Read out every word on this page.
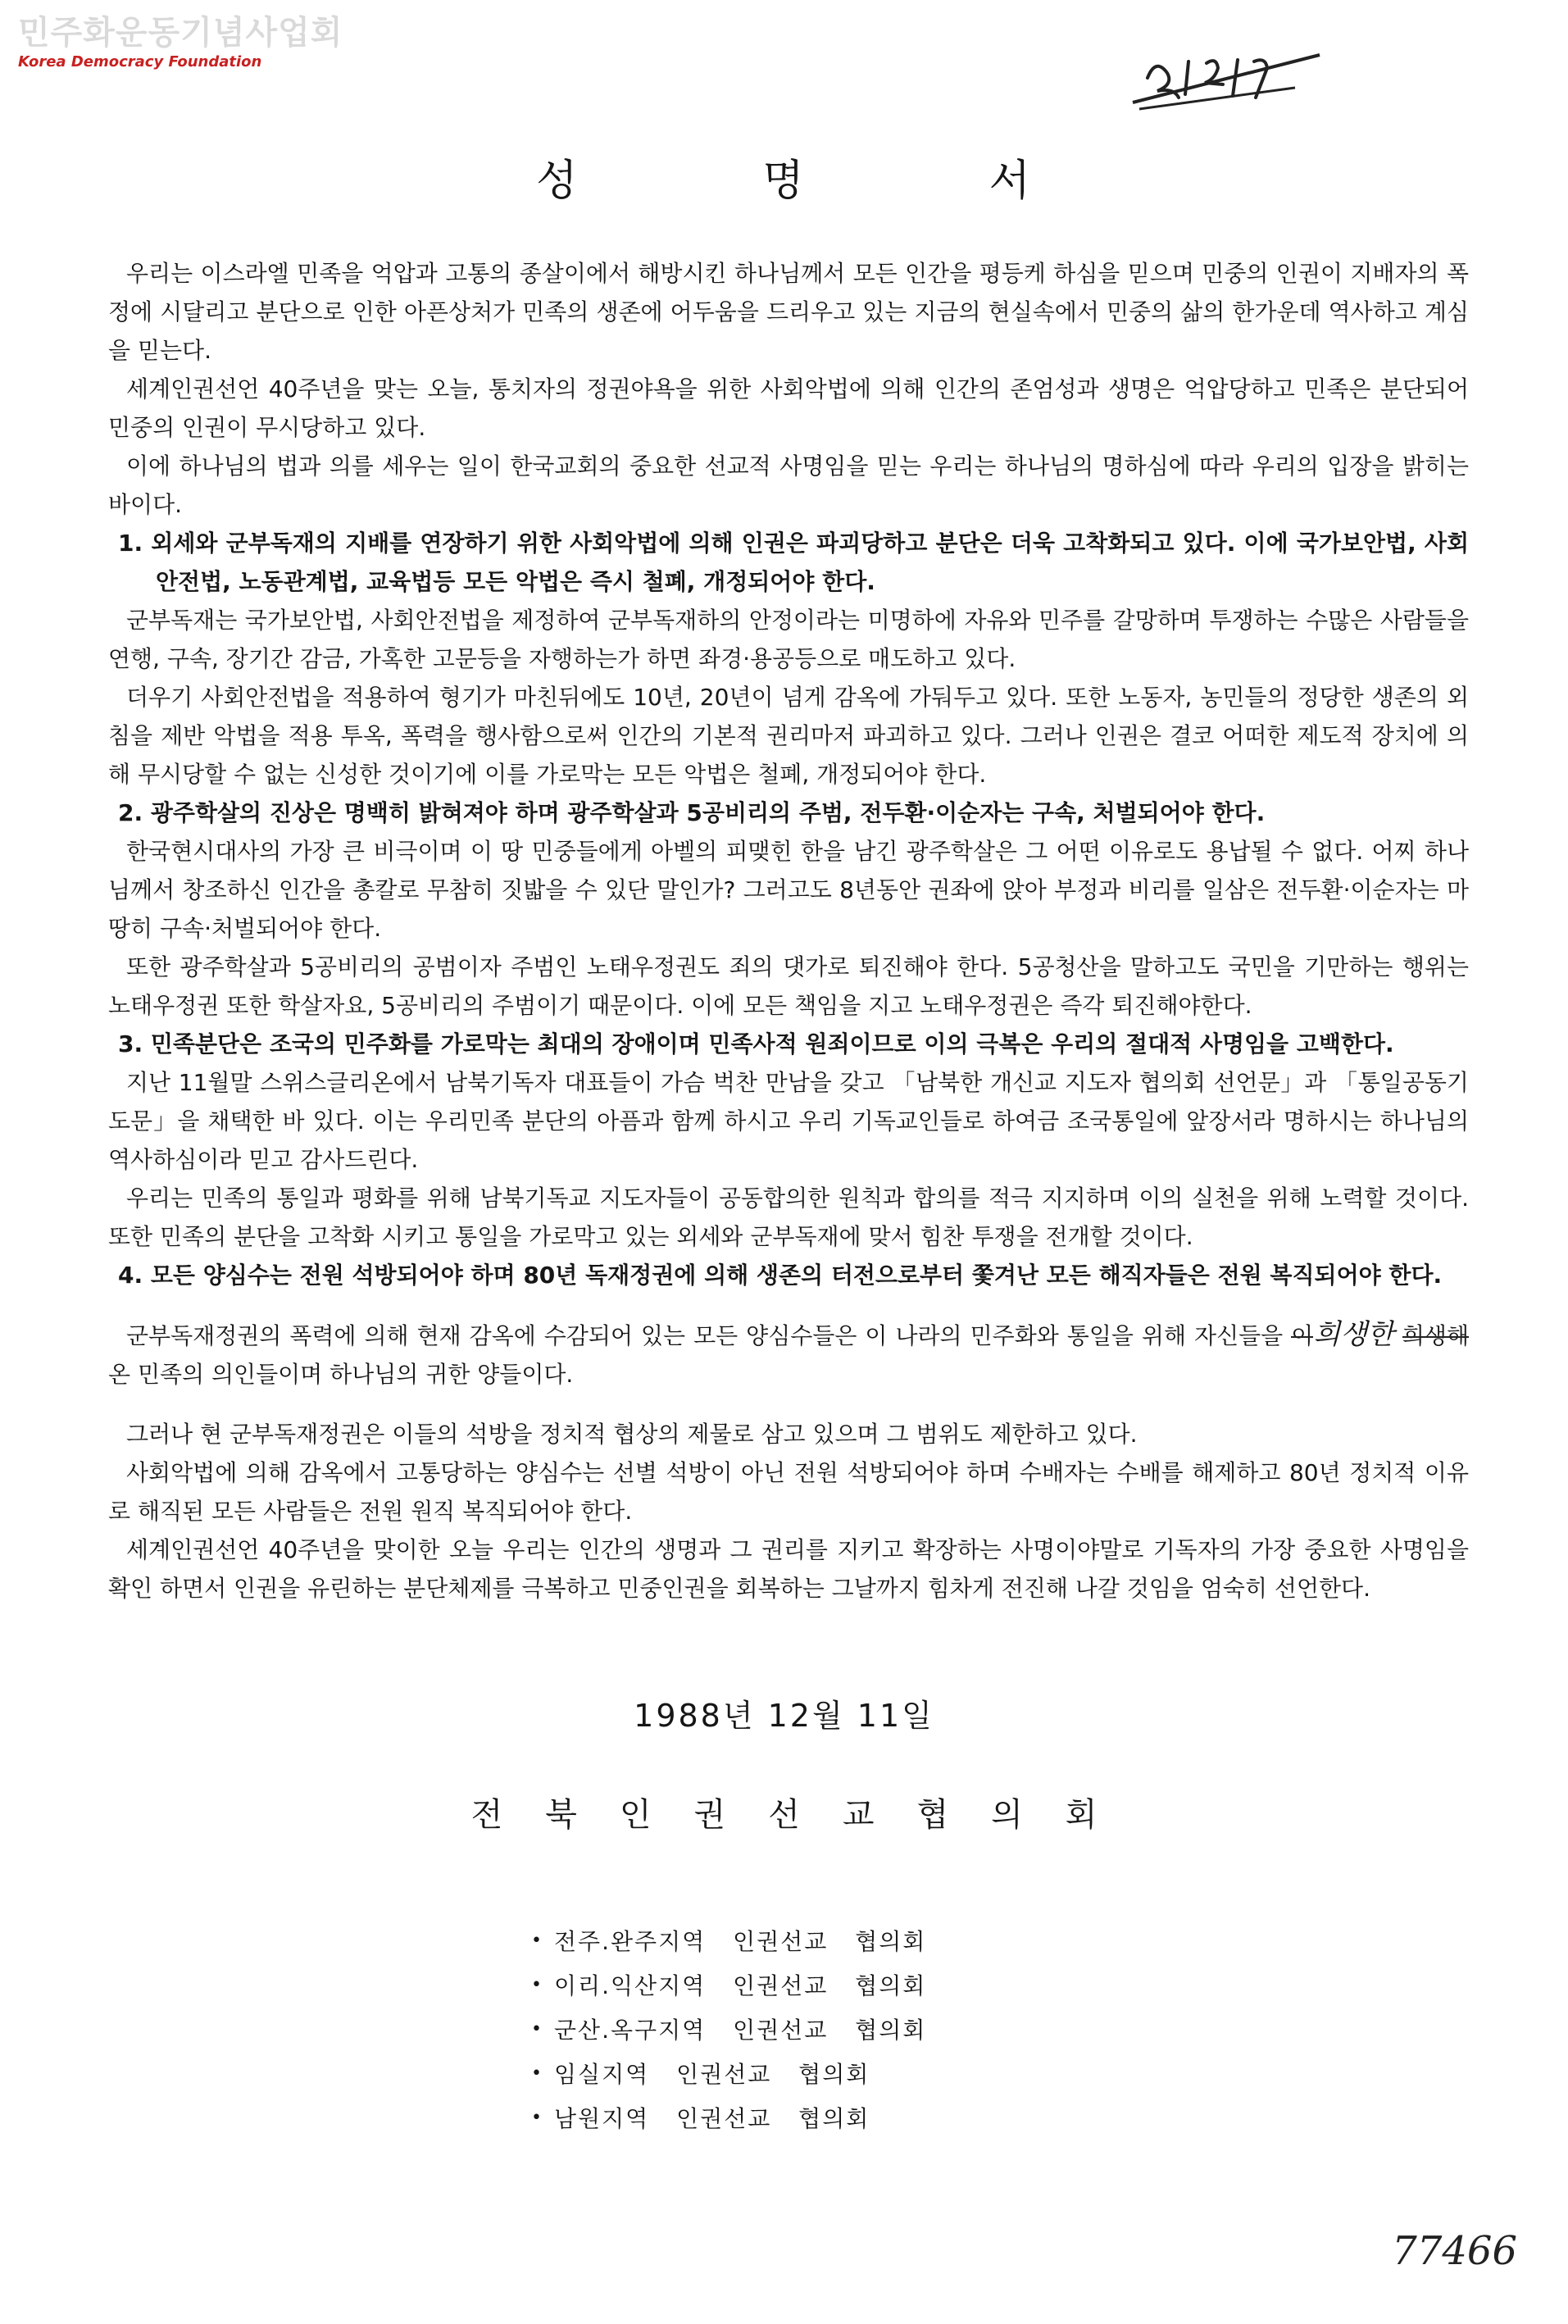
민주화운동기념사업회
Korea Democracy Foundation
성	명	서

우리는 이스라엘 민족을 억압과 고통의 종살이에서 해방시킨 하나님께서 모든 인간을 평등케 하심을 믿으며 민중의 인권이 지배자의 폭정에 시달리고 분단으로 인한 아픈상처가 민족의 생존에 어두움을 드리우고 있는 지금의 현실속에서 민중의 삶의 한가운데 역사하고 계심을 믿는다.

세계인권선언 40주년을 맞는 오늘, 통치자의 정권야욕을 위한 사회악법에 의해 인간의 존엄성과 생명은 억압당하고 민족은 분단되어 민중의 인권이 무시당하고 있다.

이에 하나님의 법과 의를 세우는 일이 한국교회의 중요한 선교적 사명임을 믿는 우리는 하나님의 명하심에 따라 우리의 입장을 밝히는 바이다.

1. 외세와 군부독재의 지배를 연장하기 위한 사회악법에 의해 인권은 파괴당하고 분단은 더욱 고착화되고 있다. 이에 국가보안법, 사회안전법, 노동관계법, 교육법등 모든 악법은 즉시 철폐, 개정되어야 한다.

군부독재는 국가보안법, 사회안전법을 제정하여 군부독재하의 안정이라는 미명하에 자유와 민주를 갈망하며 투쟁하는 수많은 사람들을 연행, 구속, 장기간 감금, 가혹한 고문등을 자행하는가 하면 좌경·용공등으로 매도하고 있다.

더우기 사회안전법을 적용하여 형기가 마친뒤에도 10년, 20년이 넘게 감옥에 가둬두고 있다. 또한 노동자, 농민들의 정당한 생존의 외침을 제반 악법을 적용 투옥, 폭력을 행사함으로써 인간의 기본적 권리마저 파괴하고 있다. 그러나 인권은 결코 어떠한 제도적 장치에 의해 무시당할 수 없는 신성한 것이기에 이를 가로막는 모든 악법은 철폐, 개정되어야 한다.

2. 광주학살의 진상은 명백히 밝혀져야 하며 광주학살과 5공비리의 주범, 전두환·이순자는 구속, 처벌되어야 한다.

한국현시대사의 가장 큰 비극이며 이 땅 민중들에게 아벨의 피맺힌 한을 남긴 광주학살은 그 어떤 이유로도 용납될 수 없다. 어찌 하나님께서 창조하신 인간을 총칼로 무참히 짓밟을 수 있단 말인가? 그러고도 8년동안 권좌에 앉아 부정과 비리를 일삼은 전두환·이순자는 마땅히 구속·처벌되어야 한다.

또한 광주학살과 5공비리의 공범이자 주범인 노태우정권도 죄의 댓가로 퇴진해야 한다. 5공청산을 말하고도 국민을 기만하는 행위는 노태우정권 또한 학살자요, 5공비리의 주범이기 때문이다. 이에 모든 책임을 지고 노태우정권은 즉각 퇴진해야한다.

3. 민족분단은 조국의 민주화를 가로막는 최대의 장애이며 민족사적 원죄이므로 이의 극복은 우리의 절대적 사명임을 고백한다.

지난 11월말 스위스글리온에서 남북기독자 대표들이 가슴 벅찬 만남을 갖고 「남북한 개신교 지도자 협의회 선언문」과 「통일공동기도문」을 채택한 바 있다. 이는 우리민족 분단의 아픔과 함께 하시고 우리 기독교인들로 하여금 조국통일에 앞장서라 명하시는 하나님의 역사하심이라 믿고 감사드린다.

우리는 민족의 통일과 평화를 위해 남북기독교 지도자들이 공동합의한 원칙과 합의를 적극 지지하며 이의 실천을 위해 노력할 것이다. 또한 민족의 분단을 고착화 시키고 통일을 가로막고 있는 외세와 군부독재에 맞서 힘찬 투쟁을 전개할 것이다.

4. 모든 양심수는 전원 석방되어야 하며 80년 독재정권에 의해 생존의 터전으로부터 쫓겨난 모든 해직자들은 전원 복직되어야 한다.

군부독재정권의 폭력에 의해 현재 감옥에 수감되어 있는 모든 양심수들은 이 나라의 민주화와 통일을 위해 자신들을 이희생한 희생해 온 민족의 의인들이며 하나님의 귀한 양들이다.

그러나 현 군부독재정권은 이들의 석방을 정치적 협상의 제물로 삼고 있으며 그 범위도 제한하고 있다.

사회악법에 의해 감옥에서 고통당하는 양심수는 선별 석방이 아닌 전원 석방되어야 하며 수배자는 수배를 해제하고 80년 정치적 이유로 해직된 모든 사람들은 전원 원직 복직되어야 한다.

세계인권선언 40주년을 맞이한 오늘 우리는 인간의 생명과 그 권리를 지키고 확장하는 사명이야말로 기독자의 가장 중요한 사명임을 확인 하면서 인권을 유린하는 분단체제를 극복하고 민중인권을 회복하는 그날까지 힘차게 전진해 나갈 것임을 엄숙히 선언한다.

1988년 12월 11일
전 북 인 권 선 교 협 의 회
• 전주.완주지역 인권선교 협의회
• 이리.익산지역 인권선교 협의회
• 군산.옥구지역 인권선교 협의회
• 임실지역 인권선교 협의회
• 남원지역 인권선교 협의회
77466
